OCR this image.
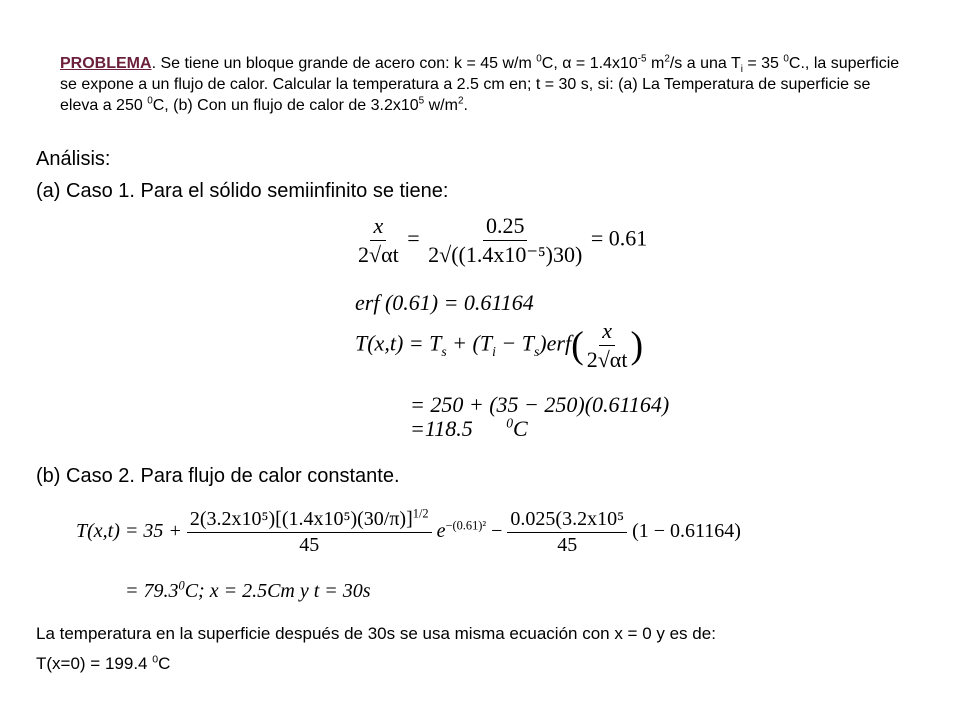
PROBLEMA. Se tiene un bloque grande de acero con: k = 45 w/m $^0$C, $\alpha = 1.4x10^{-5}$ $m^2/s$ a una $T_i = 35$ $^0$C., la superficie se expone a un flujo de calor. Calcular la temperatura a 2.5 cm en; t = 30 s, si: (a) La Temperatura de superficie se eleva a 250 $^0$C, (b) Con un flujo de calor de $3.2x10^5$ $w/m^2$.
Análisis:
(a) Caso 1. Para el sólido semiinfinito se tiene:
$\frac{x}{2√\alpha t} = \frac{0.25}{\text{2√((1.4x10⁻⁵)30)}} = 0.61$
erf (0.61) = 0.61164
$T(x,t) = T_s + (T_i - T_s)erf( \frac{x}{2√\alpha t}$ )
= 250 + (35 − 250)(0.61164)
=118.5 $^0$C
(b) Caso 2. Para flujo de calor constante.
$T(x,t) = 35 + \frac{2(3.2x10^5)[(1.4x10^5)(30/\pi)]^{1/2}}{45} e^{-(0.61)^2} - \frac{\text{0.025(3.2x10⁵}}{45} (1 - 0.61164)$
= $79.3^0C$; x = 2.5Cm y t = 30s
La temperatura en la superficie después de 30s se usa misma ecuación con x = 0 y es de:
T(x=0) = 199.4 $^0$C
